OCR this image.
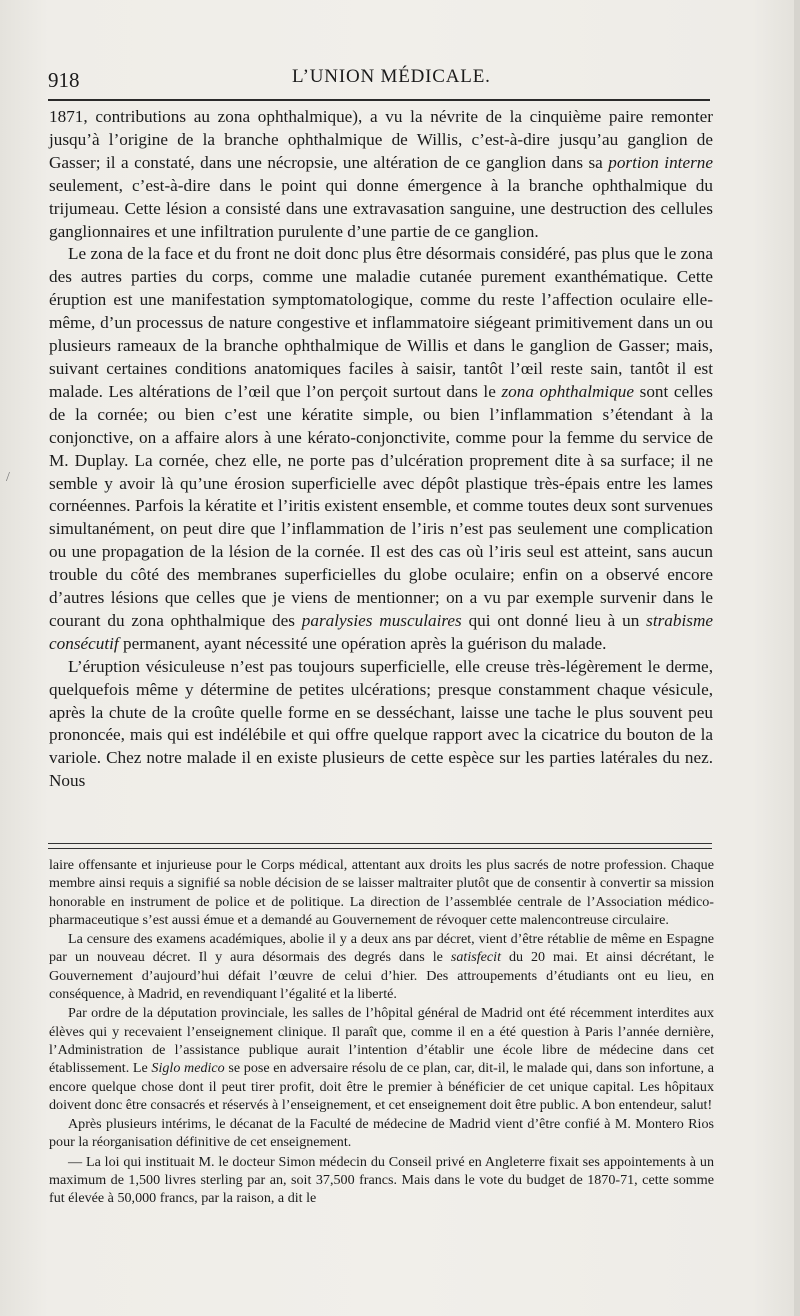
918	L’UNION MÉDICALE.

1871, contributions au zona ophthalmique), a vu la névrite de la cinquième paire remonter jusqu’à l’origine de la branche ophthalmique de Willis, c’est-à-dire jusqu’au ganglion de Gasser; il a constaté, dans une nécropsie, une altération de ce ganglion dans sa portion interne seulement, c’est-à-dire dans le point qui donne émergence à la branche ophthalmique du trijumeau. Cette lésion a consisté dans une extravasation sanguine, une destruction des cellules ganglionnaires et une infiltration purulente d’une partie de ce ganglion.

Le zona de la face et du front ne doit donc plus être désormais considéré, pas plus que le zona des autres parties du corps, comme une maladie cutanée purement exanthématique. Cette éruption est une manifestation symptomatologique, comme du reste l’affection oculaire elle-même, d’un processus de nature congestive et inflammatoire siégeant primitivement dans un ou plusieurs rameaux de la branche ophthalmique de Willis et dans le ganglion de Gasser; mais, suivant certaines conditions anatomiques faciles à saisir, tantôt l’œil reste sain, tantôt il est malade. Les altérations de l’œil que l’on perçoit surtout dans le zona ophthalmique sont celles de la cornée; ou bien c’est une kératite simple, ou bien l’inflammation s’étendant à la conjonctive, on a affaire alors à une kérato-conjonctivite, comme pour la femme du service de M. Duplay. La cornée, chez elle, ne porte pas d’ulcération proprement dite à sa surface; il ne semble y avoir là qu’une érosion superficielle avec dépôt plastique très-épais entre les lames cornéennes. Parfois la kératite et l’iritis existent ensemble, et comme toutes deux sont survenues simultanément, on peut dire que l’inflammation de l’iris n’est pas seulement une complication ou une propagation de la lésion de la cornée. Il est des cas où l’iris seul est atteint, sans aucun trouble du côté des membranes superficielles du globe oculaire; enfin on a observé encore d’autres lésions que celles que je viens de mentionner; on a vu par exemple survenir dans le courant du zona ophthalmique des paralysies musculaires qui ont donné lieu à un strabisme consécutif permanent, ayant nécessité une opération après la guérison du malade.

L’éruption vésiculeuse n’est pas toujours superficielle, elle creuse très-légèrement le derme, quelquefois même y détermine de petites ulcérations; presque constamment chaque vésicule, après la chute de la croûte quelle forme en se desséchant, laisse une tache le plus souvent peu prononcée, mais qui est indélébile et qui offre quelque rapport avec la cicatrice du bouton de la variole. Chez notre malade il en existe plusieurs de cette espèce sur les parties latérales du nez. Nous

laire offensante et injurieuse pour le Corps médical, attentant aux droits les plus sacrés de notre profession. Chaque membre ainsi requis a signifié sa noble décision de se laisser maltraiter plutôt que de consentir à convertir sa mission honorable en instrument de police et de politique. La direction de l’assemblée centrale de l’Association médico-pharmaceutique s’est aussi émue et a demandé au Gouvernement de révoquer cette malencontreuse circulaire.

La censure des examens académiques, abolie il y a deux ans par décret, vient d’être rétablie de même en Espagne par un nouveau décret. Il y aura désormais des degrés dans le satisfecit du 20 mai. Et ainsi décrétant, le Gouvernement d’aujourd’hui défait l’œuvre de celui d’hier. Des attroupements d’étudiants ont eu lieu, en conséquence, à Madrid, en revendiquant l’égalité et la liberté.

Par ordre de la députation provinciale, les salles de l’hôpital général de Madrid ont été récemment interdites aux élèves qui y recevaient l’enseignement clinique. Il paraît que, comme il en a été question à Paris l’année dernière, l’Administration de l’assistance publique aurait l’intention d’établir une école libre de médecine dans cet établissement. Le Siglo medico se pose en adversaire résolu de ce plan, car, dit-il, le malade qui, dans son infortune, a encore quelque chose dont il peut tirer profit, doit être le premier à bénéficier de cet unique capital. Les hôpitaux doivent donc être consacrés et réservés à l’enseignement, et cet enseignement doit être public. A bon entendeur, salut!

Après plusieurs intérims, le décanat de la Faculté de médecine de Madrid vient d’être confié à M. Montero Rios pour la réorganisation définitive de cet enseignement.

— La loi qui instituait M. le docteur Simon médecin du Conseil privé en Angleterre fixait ses appointements à un maximum de 1,500 livres sterling par an, soit 37,500 francs. Mais dans le vote du budget de 1870-71, cette somme fut élevée à 50,000 francs, par la raison, a dit le

/
